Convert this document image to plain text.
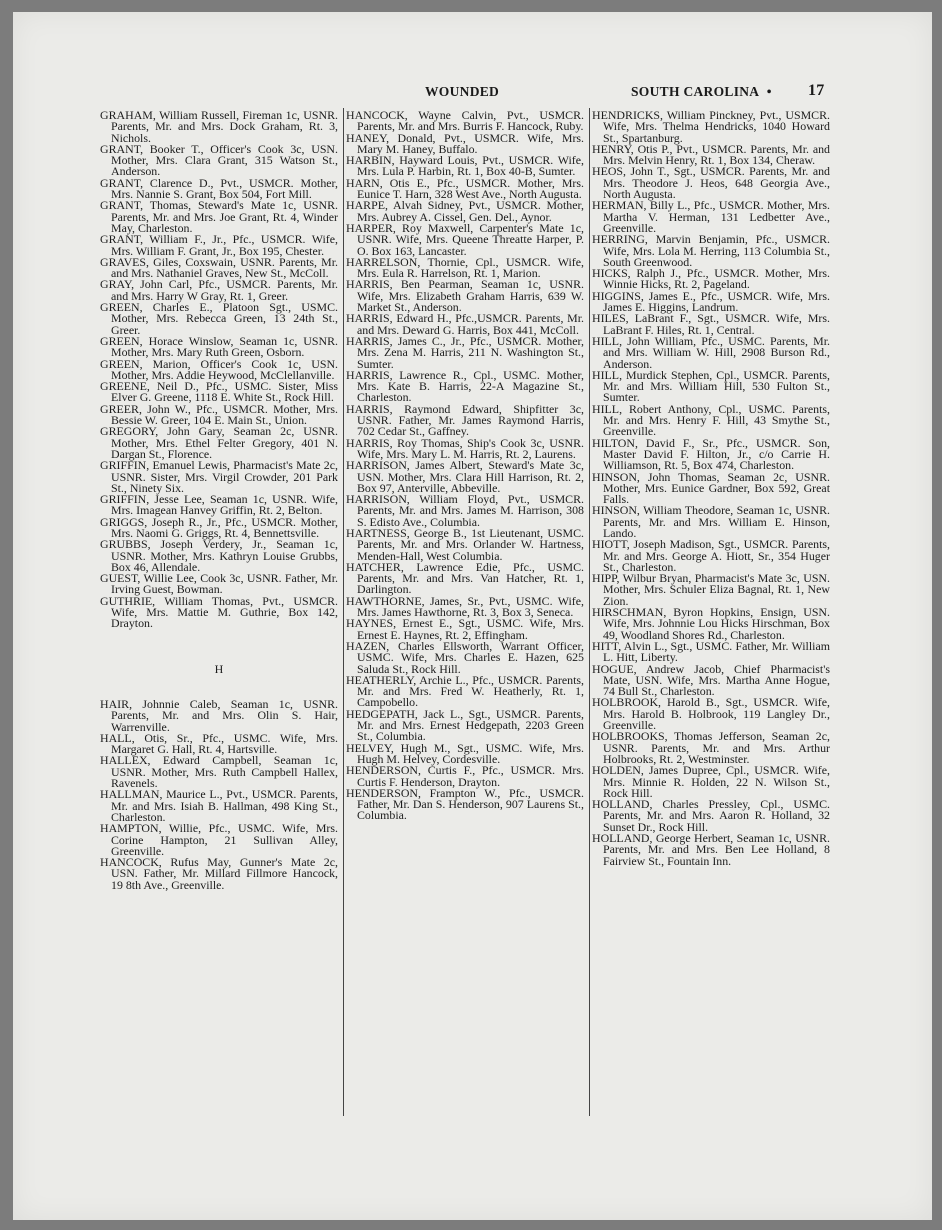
WOUNDED	SOUTH CAROLINA • 17
GRAHAM, William Russell, Fireman 1c, USNR. Parents, Mr. and Mrs. Dock Graham, Rt. 3, Nichols.
GRANT, Booker T., Officer's Cook 3c, USN. Mother, Mrs. Clara Grant, 315 Watson St., Anderson.
GRANT, Clarence D., Pvt., USMCR. Mother, Mrs. Nannie S. Grant, Box 504, Fort Mill.
GRANT, Thomas, Steward's Mate 1c, USNR. Parents, Mr. and Mrs. Joe Grant, Rt. 4, Winder May, Charleston.
GRANT, William F., Jr., Pfc., USMCR. Wife, Mrs. William F. Grant, Jr., Box 195, Chester.
GRAVES, Giles, Coxswain, USNR. Parents, Mr. and Mrs. Nathaniel Graves, New St., McColl.
GRAY, John Carl, Pfc., USMCR. Parents, Mr. and Mrs. Harry W Gray, Rt. 1, Greer.
GREEN, Charles E., Platoon Sgt., USMC. Mother, Mrs. Rebecca Green, 13 24th St., Greer.
GREEN, Horace Winslow, Seaman 1c, USNR. Mother, Mrs. Mary Ruth Green, Osborn.
GREEN, Marion, Officer's Cook 1c, USN. Mother, Mrs. Addie Heywood, McClellanville.
GREENE, Neil D., Pfc., USMC. Sister, Miss Elver G. Greene, 1118 E. White St., Rock Hill.
GREER, John W., Pfc., USMCR. Mother, Mrs. Bessie W. Greer, 104 E. Main St., Union.
GREGORY, John Gary, Seaman 2c, USNR. Mother, Mrs. Ethel Felter Gregory, 401 N. Dargan St., Florence.
GRIFFIN, Emanuel Lewis, Pharmacist's Mate 2c, USNR. Sister, Mrs. Virgil Crowder, 201 Park St., Ninety Six.
GRIFFIN, Jesse Lee, Seaman 1c, USNR. Wife, Mrs. Imagean Hanvey Griffin, Rt. 2, Belton.
GRIGGS, Joseph R., Jr., Pfc., USMCR. Mother, Mrs. Naomi G. Griggs, Rt. 4, Bennettsville.
GRUBBS, Joseph Verdery, Jr., Seaman 1c, USNR. Mother, Mrs. Kathryn Louise Grubbs, Box 46, Allendale.
GUEST, Willie Lee, Cook 3c, USNR. Father, Mr. Irving Guest, Bowman.
GUTHRIE, William Thomas, Pvt., USMCR. Wife, Mrs. Mattie M. Guthrie, Box 142, Drayton.
H
HAIR, Johnnie Caleb, Seaman 1c, USNR. Parents, Mr. and Mrs. Olin S. Hair, Warrenville.
HALL, Otis, Sr., Pfc., USMC. Wife, Mrs. Margaret G. Hall, Rt. 4, Hartsville.
HALLEX, Edward Campbell, Seaman 1c, USNR. Mother, Mrs. Ruth Campbell Hallex, Ravenels.
HALLMAN, Maurice L., Pvt., USMCR. Parents, Mr. and Mrs. Isiah B. Hallman, 498 King St., Charleston.
HAMPTON, Willie, Pfc., USMC. Wife, Mrs. Corine Hampton, 21 Sullivan Alley, Greenville.
HANCOCK, Rufus May, Gunner's Mate 2c, USN. Father, Mr. Millard Fillmore Hancock, 19 8th Ave., Greenville.
HANCOCK, Wayne Calvin, Pvt., USMCR. Parents, Mr. and Mrs. Burris F. Hancock, Ruby.
HANEY, Donald, Pvt., USMCR. Wife, Mrs. Mary M. Haney, Buffalo.
HARBIN, Hayward Louis, Pvt., USMCR. Wife, Mrs. Lula P. Harbin, Rt. 1, Box 40-B, Sumter.
HARN, Otis E., Pfc., USMCR. Mother, Mrs. Eunice T. Harn, 328 West Ave., North Augusta.
HARPE, Alvah Sidney, Pvt., USMCR. Mother, Mrs. Aubrey A. Cissel, Gen. Del., Aynor.
HARPER, Roy Maxwell, Carpenter's Mate 1c, USNR. Wife, Mrs. Queene Threatte Harper, P. O. Box 163, Lancaster.
HARRELSON, Thornie, Cpl., USMCR. Wife, Mrs. Eula R. Harrelson, Rt. 1, Marion.
HARRIS, Ben Pearman, Seaman 1c, USNR. Wife, Mrs. Elizabeth Graham Harris, 639 W. Market St., Anderson.
HARRIS, Edward H., Pfc.,USMCR. Parents, Mr. and Mrs. Deward G. Harris, Box 441, McColl.
HARRIS, James C., Jr., Pfc., USMCR. Mother, Mrs. Zena M. Harris, 211 N. Washington St., Sumter.
HARRIS, Lawrence R., Cpl., USMC. Mother, Mrs. Kate B. Harris, 22-A Magazine St., Charleston.
HARRIS, Raymond Edward, Shipfitter 3c, USNR. Father, Mr. James Raymond Harris, 702 Cedar St., Gaffney.
HARRIS, Roy Thomas, Ship's Cook 3c, USNR. Wife, Mrs. Mary L. M. Harris, Rt. 2, Laurens.
HARRISON, James Albert, Steward's Mate 3c, USN. Mother, Mrs. Clara Hill Harrison, Rt. 2, Box 97, Anterville, Abbeville.
HARRISON, William Floyd, Pvt., USMCR. Parents, Mr. and Mrs. James M. Harrison, 308 S. Edisto Ave., Columbia.
HARTNESS, George B., 1st Lieutenant, USMC. Parents, Mr. and Mrs. Orlander W. Hartness, Menden-Hall, West Columbia.
HATCHER, Lawrence Edie, Pfc., USMC. Parents, Mr. and Mrs. Van Hatcher, Rt. 1, Darlington.
HAWTHORNE, James, Sr., Pvt., USMC. Wife, Mrs. James Hawthorne, Rt. 3, Box 3, Seneca.
HAYNES, Ernest E., Sgt., USMC. Wife, Mrs. Ernest E. Haynes, Rt. 2, Effingham.
HAZEN, Charles Ellsworth, Warrant Officer, USMC. Wife, Mrs. Charles E. Hazen, 625 Saluda St., Rock Hill.
HEATHERLY, Archie L., Pfc., USMCR. Parents, Mr. and Mrs. Fred W. Heatherly, Rt. 1, Campobello.
HEDGEPATH, Jack L., Sgt., USMCR. Parents, Mr. and Mrs. Ernest Hedgepath, 2203 Green St., Columbia.
HELVEY, Hugh M., Sgt., USMC. Wife, Mrs. Hugh M. Helvey, Cordesville.
HENDERSON, Curtis F., Pfc., USMCR. Mrs. Curtis F. Henderson, Drayton.
HENDERSON, Frampton W., Pfc., USMCR. Father, Mr. Dan S. Henderson, 907 Laurens St., Columbia.
HENDRICKS, William Pinckney, Pvt., USMCR. Wife, Mrs. Thelma Hendricks, 1040 Howard St., Spartanburg.
HENRY, Otis P., Pvt., USMCR. Parents, Mr. and Mrs. Melvin Henry, Rt. 1, Box 134, Cheraw.
HEOS, John T., Sgt., USMCR. Parents, Mr. and Mrs. Theodore J. Heos, 648 Georgia Ave., North Augusta.
HERMAN, Billy L., Pfc., USMCR. Mother, Mrs. Martha V. Herman, 131 Ledbetter Ave., Greenville.
HERRING, Marvin Benjamin, Pfc., USMCR. Wife, Mrs. Lola M. Herring, 113 Columbia St., South Greenwood.
HICKS, Ralph J., Pfc., USMCR. Mother, Mrs. Winnie Hicks, Rt. 2, Pageland.
HIGGINS, James E., Pfc., USMCR. Wife, Mrs. James E. Higgins, Landrum.
HILES, LaBrant F., Sgt., USMCR. Wife, Mrs. LaBrant F. Hiles, Rt. 1, Central.
HILL, John William, Pfc., USMC. Parents, Mr. and Mrs. William W. Hill, 2908 Burson Rd., Anderson.
HILL, Murdick Stephen, Cpl., USMCR. Parents, Mr. and Mrs. William Hill, 530 Fulton St., Sumter.
HILL, Robert Anthony, Cpl., USMC. Parents, Mr. and Mrs. Henry F. Hill, 43 Smythe St., Greenville.
HILTON, David F., Sr., Pfc., USMCR. Son, Master David F. Hilton, Jr., c/o Carrie H. Williamson, Rt. 5, Box 474, Charleston.
HINSON, John Thomas, Seaman 2c, USNR. Mother, Mrs. Eunice Gardner, Box 592, Great Falls.
HINSON, William Theodore, Seaman 1c, USNR. Parents, Mr. and Mrs. William E. Hinson, Lando.
HIOTT, Joseph Madison, Sgt., USMCR. Parents, Mr. and Mrs. George A. Hiott, Sr., 354 Huger St., Charleston.
HIPP, Wilbur Bryan, Pharmacist's Mate 3c, USN. Mother, Mrs. Schuler Eliza Bagnal, Rt. 1, New Zion.
HIRSCHMAN, Byron Hopkins, Ensign, USN. Wife, Mrs. Johnnie Lou Hicks Hirschman, Box 49, Woodland Shores Rd., Charleston.
HITT, Alvin L., Sgt., USMC. Father, Mr. William L. Hitt, Liberty.
HOGUE, Andrew Jacob, Chief Pharmacist's Mate, USN. Wife, Mrs. Martha Anne Hogue, 74 Bull St., Charleston.
HOLBROOK, Harold B., Sgt., USMCR. Wife, Mrs. Harold B. Holbrook, 119 Langley Dr., Greenville.
HOLBROOKS, Thomas Jefferson, Seaman 2c, USNR. Parents, Mr. and Mrs. Arthur Holbrooks, Rt. 2, Westminster.
HOLDEN, James Dupree, Cpl., USMCR. Wife, Mrs. Minnie R. Holden, 22 N. Wilson St., Rock Hill.
HOLLAND, Charles Pressley, Cpl., USMC. Parents, Mr. and Mrs. Aaron R. Holland, 32 Sunset Dr., Rock Hill.
HOLLAND, George Herbert, Seaman 1c, USNR. Parents, Mr. and Mrs. Ben Lee Holland, 8 Fairview St., Fountain Inn.
